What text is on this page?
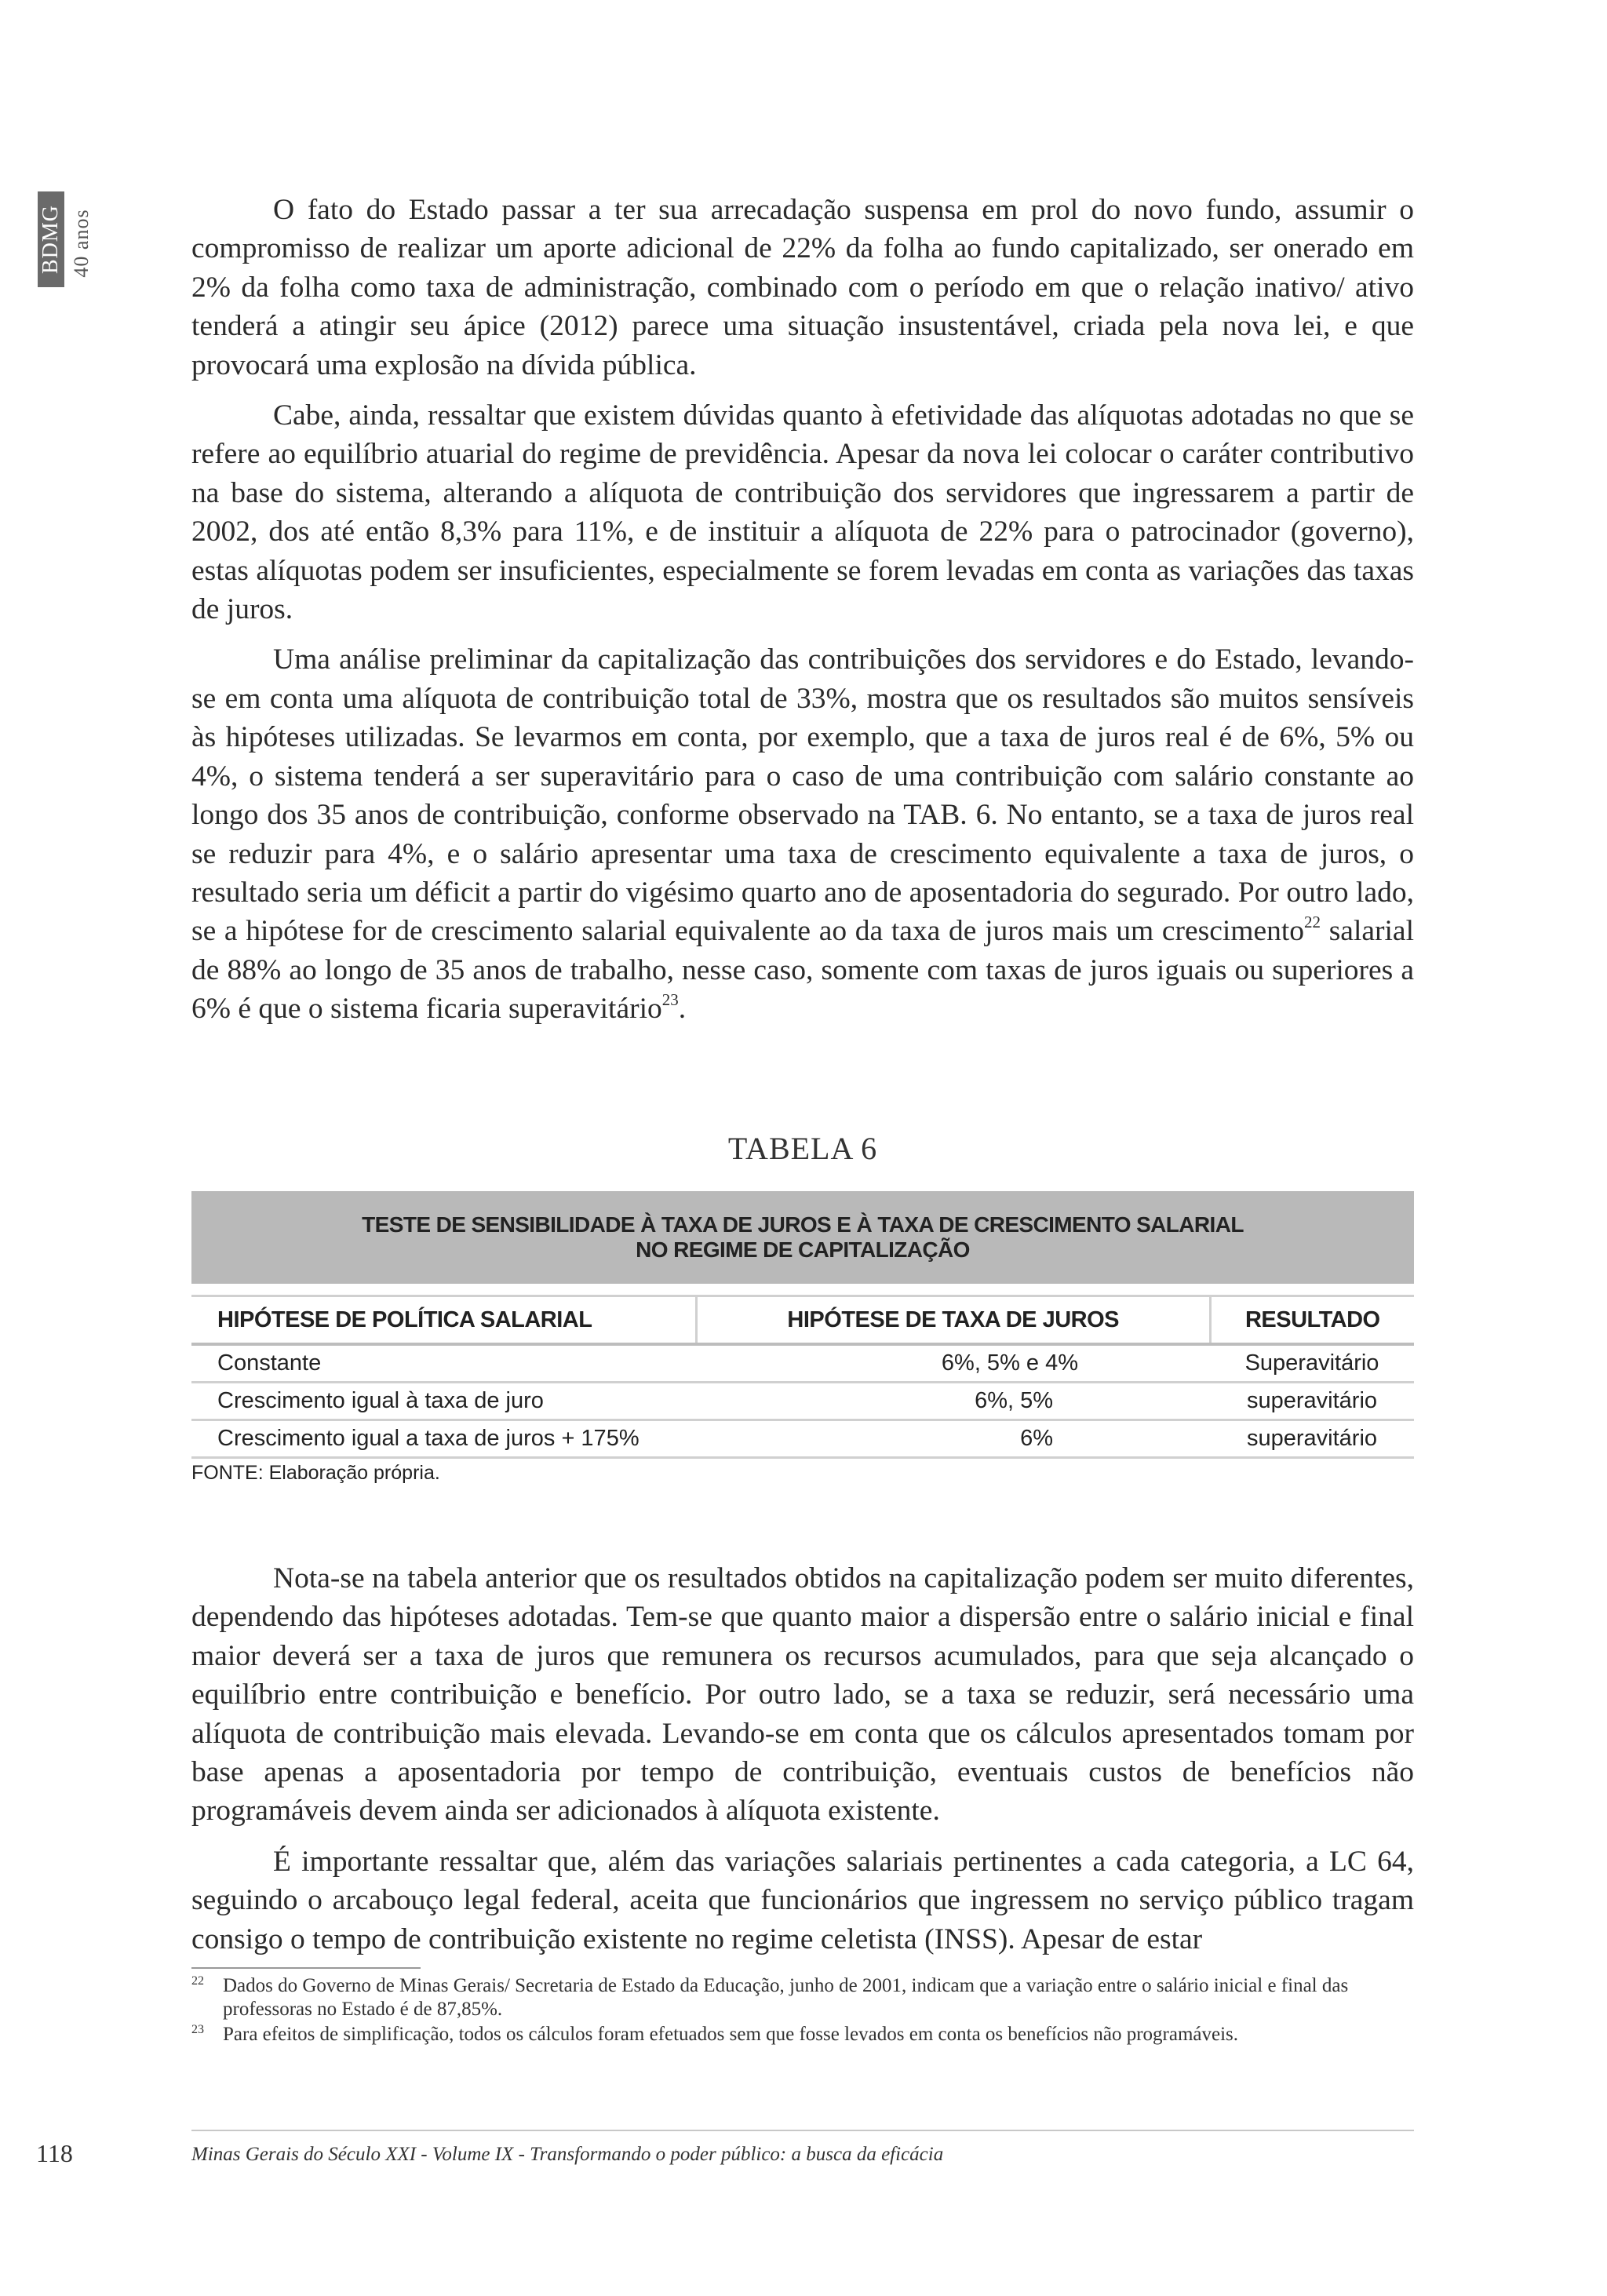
BDMG 40 anos	O fato do Estado passar a ter sua arrecadação suspensa em prol do novo fundo, assumir o compromisso de realizar um aporte adicional de 22% da folha ao fundo capitalizado, ser onerado em 2% da folha como taxa de administração, combinado com o período em que o relação inativo/ ativo tenderá a atingir seu ápice (2012) parece uma situação insustentável, criada pela nova lei, e que provocará uma explosão na dívida pública.

Cabe, ainda, ressaltar que existem dúvidas quanto à efetividade das alíquotas adotadas no que se refere ao equilíbrio atuarial do regime de previdência. Apesar da nova lei colocar o caráter contributivo na base do sistema, alterando a alíquota de contribuição dos servidores que ingressarem a partir de 2002, dos até então 8,3% para 11%, e de instituir a alíquota de 22% para o patrocinador (governo), estas alíquotas podem ser insuficientes, especialmente se forem levadas em conta as variações das taxas de juros.

Uma análise preliminar da capitalização das contribuições dos servidores e do Estado, levando-se em conta uma alíquota de contribuição total de 33%, mostra que os resultados são muitos sensíveis às hipóteses utilizadas. Se levarmos em conta, por exemplo, que a taxa de juros real é de 6%, 5% ou 4%, o sistema tenderá a ser superavitário para o caso de uma contribuição com salário constante ao longo dos 35 anos de contribuição, conforme observado na TAB. 6. No entanto, se a taxa de juros real se reduzir para 4%, e o salário apresentar uma taxa de crescimento equivalente a taxa de juros, o resultado seria um déficit a partir do vigésimo quarto ano de aposentadoria do segurado. Por outro lado, se a hipótese for de crescimento salarial equivalente ao da taxa de juros mais um crescimento$^{22}$ salarial de 88% ao longo de 35 anos de trabalho, nesse caso, somente com taxas de juros iguais ou superiores a 6% é que o sistema ficaria superavitário$^{23}$.

TABELA 6
TESTE DE SENSIBILIDADE À TAXA DE JUROS E À TAXA DE CRESCIMENTO SALARIAL
NO REGIME DE CAPITALIZAÇÃO
HIPÓTESE DE POLÍTICA SALARIAL	HIPÓTESE DE TAXA DE JUROS	RESULTADO
Constante	6%, 5% e 4%	Superavitário
Crescimento igual à taxa de juro	6%, 5%	superavitário
Crescimento igual a taxa de juros + 175%	6%	superavitário
FONTE: Elaboração própria.

Nota-se na tabela anterior que os resultados obtidos na capitalização podem ser muito diferentes, dependendo das hipóteses adotadas. Tem-se que quanto maior a dispersão entre o salário inicial e final maior deverá ser a taxa de juros que remunera os recursos acumulados, para que seja alcançado o equilíbrio entre contribuição e benefício. Por outro lado, se a taxa se reduzir, será necessário uma alíquota de contribuição mais elevada. Levando-se em conta que os cálculos apresentados tomam por base apenas a aposentadoria por tempo de contribuição, eventuais custos de benefícios não programáveis devem ainda ser adicionados à alíquota existente.

É importante ressaltar que, além das variações salariais pertinentes a cada categoria, a LC 64, seguindo o arcabouço legal federal, aceita que funcionários que ingressem no serviço público tragam consigo o tempo de contribuição existente no regime celetista (INSS). Apesar de estar

22 Dados do Governo de Minas Gerais/ Secretaria de Estado da Educação, junho de 2001, indicam que a variação entre o salário inicial e final das professoras no Estado é de 87,85%.
23 Para efeitos de simplificação, todos os cálculos foram efetuados sem que fosse levados em conta os benefícios não programáveis.
118	Minas Gerais do Século XXI - Volume IX - Transformando o poder público: a busca da eficácia
